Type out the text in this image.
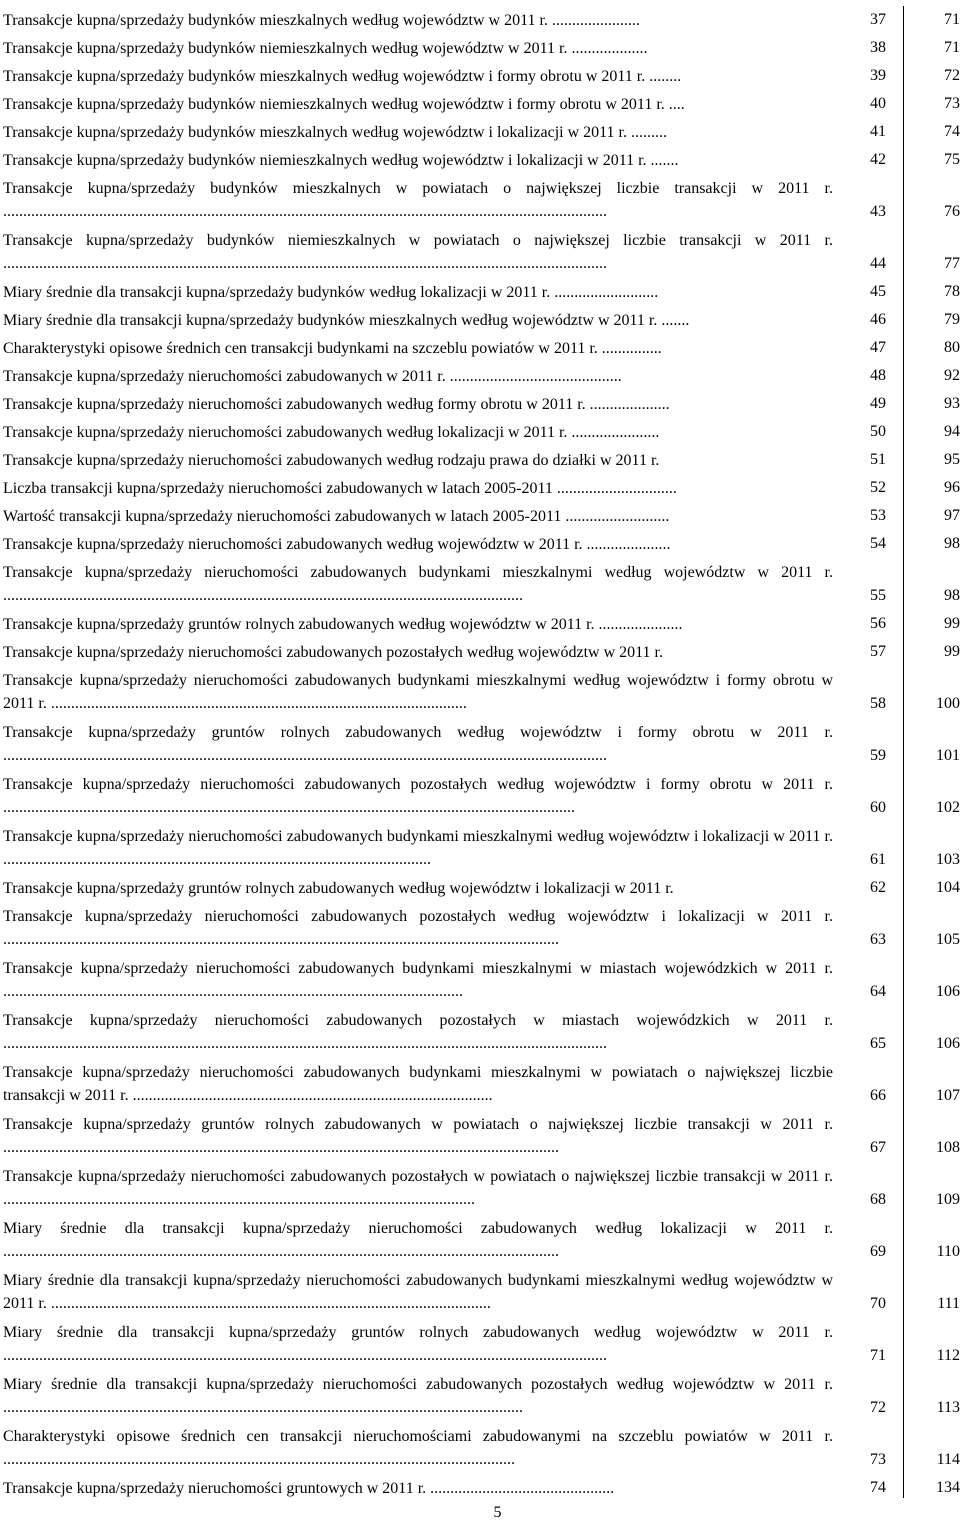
Transakcje kupna/sprzedaży budynków mieszkalnych według województw w 2011 r. ......................	37	71
Transakcje kupna/sprzedaży budynków niemieszkalnych według województw w 2011 r. ...................	38	71
Transakcje kupna/sprzedaży budynków mieszkalnych według województw i formy obrotu w 2011 r. ........	39	72
Transakcje kupna/sprzedaży budynków niemieszkalnych według województw i formy obrotu w 2011 r. ....	40	73
Transakcje kupna/sprzedaży budynków mieszkalnych według województw i lokalizacji w 2011 r. .........	41	74
Transakcje kupna/sprzedaży budynków niemieszkalnych według województw i lokalizacji w 2011 r. .......	42	75
Transakcje kupna/sprzedaży budynków mieszkalnych w powiatach o największej liczbie transakcji w 2011 r. .......................................................................................................................................................	43	76
Transakcje kupna/sprzedaży budynków niemieszkalnych w powiatach o największej liczbie transakcji w 2011 r. .......................................................................................................................................................	44	77
Miary średnie dla transakcji kupna/sprzedaży budynków według lokalizacji w 2011 r. ..........................	45	78
Miary średnie dla transakcji kupna/sprzedaży budynków mieszkalnych według województw w 2011 r. .......	46	79
Charakterystyki opisowe średnich cen transakcji budynkami na szczeblu powiatów w 2011 r. ...............	47	80
Transakcje kupna/sprzedaży nieruchomości zabudowanych w 2011 r. ...........................................	48	92
Transakcje kupna/sprzedaży nieruchomości zabudowanych według formy obrotu w 2011 r. ....................	49	93
Transakcje kupna/sprzedaży nieruchomości zabudowanych według lokalizacji w 2011 r. ......................	50	94
Transakcje kupna/sprzedaży nieruchomości zabudowanych według rodzaju prawa do działki w 2011 r.	51	95
Liczba transakcji kupna/sprzedaży nieruchomości zabudowanych w latach 2005-2011 ..............................	52	96
Wartość transakcji kupna/sprzedaży nieruchomości zabudowanych w latach 2005-2011 ..........................	53	97
Transakcje kupna/sprzedaży nieruchomości zabudowanych według województw w 2011 r. .....................	54	98
Transakcje kupna/sprzedaży nieruchomości zabudowanych budynkami mieszkalnymi według województw w 2011 r. ..................................................................................................................................	55	98
Transakcje kupna/sprzedaży gruntów rolnych zabudowanych według województw w 2011 r. .....................	56	99
Transakcje kupna/sprzedaży nieruchomości zabudowanych pozostałych według województw w 2011 r.	57	99
Transakcje kupna/sprzedaży nieruchomości zabudowanych budynkami mieszkalnymi według województw i formy obrotu w 2011 r. ........................................................................................................	58	100
Transakcje kupna/sprzedaży gruntów rolnych zabudowanych według województw i formy obrotu w 2011 r. .......................................................................................................................................................	59	101
Transakcje kupna/sprzedaży nieruchomości zabudowanych pozostałych według województw i formy obrotu w 2011 r. ...............................................................................................................................................	60	102
Transakcje kupna/sprzedaży nieruchomości zabudowanych budynkami mieszkalnymi według województw i lokalizacji w 2011 r. ...........................................................................................................	61	103
Transakcje kupna/sprzedaży gruntów rolnych zabudowanych według województw i lokalizacji w 2011 r.	62	104
Transakcje kupna/sprzedaży nieruchomości zabudowanych pozostałych według województw i lokalizacji w 2011 r. ...........................................................................................................................................	63	105
Transakcje kupna/sprzedaży nieruchomości zabudowanych budynkami mieszkalnymi w miastach wojewódzkich w 2011 r. ...................................................................................................................	64	106
Transakcje kupna/sprzedaży nieruchomości zabudowanych pozostałych w miastach wojewódzkich w 2011 r. .......................................................................................................................................................	65	106
Transakcje kupna/sprzedaży nieruchomości zabudowanych budynkami mieszkalnymi w powiatach o największej liczbie transakcji w 2011 r. ..........................................................................................	66	107
Transakcje kupna/sprzedaży gruntów rolnych zabudowanych w powiatach o największej liczbie transakcji w 2011 r. ...........................................................................................................................................	67	108
Transakcje kupna/sprzedaży nieruchomości zabudowanych pozostałych w powiatach o największej liczbie transakcji w 2011 r. ......................................................................................................................	68	109
Miary średnie dla transakcji kupna/sprzedaży nieruchomości zabudowanych według lokalizacji w 2011 r. ...........................................................................................................................................	69	110
Miary średnie dla transakcji kupna/sprzedaży nieruchomości zabudowanych budynkami mieszkalnymi według województw w 2011 r. ..............................................................................................................	70	111
Miary średnie dla transakcji kupna/sprzedaży gruntów rolnych zabudowanych według województw w 2011 r. .......................................................................................................................................................	71	112
Miary średnie dla transakcji kupna/sprzedaży nieruchomości zabudowanych pozostałych według województw w 2011 r. ..................................................................................................................................	72	113
Charakterystyki opisowe średnich cen transakcji nieruchomościami zabudowanymi na szczeblu powiatów w 2011 r. ................................................................................................................................	73	114
Transakcje kupna/sprzedaży nieruchomości gruntowych w 2011 r. ..............................................	74	134
5
